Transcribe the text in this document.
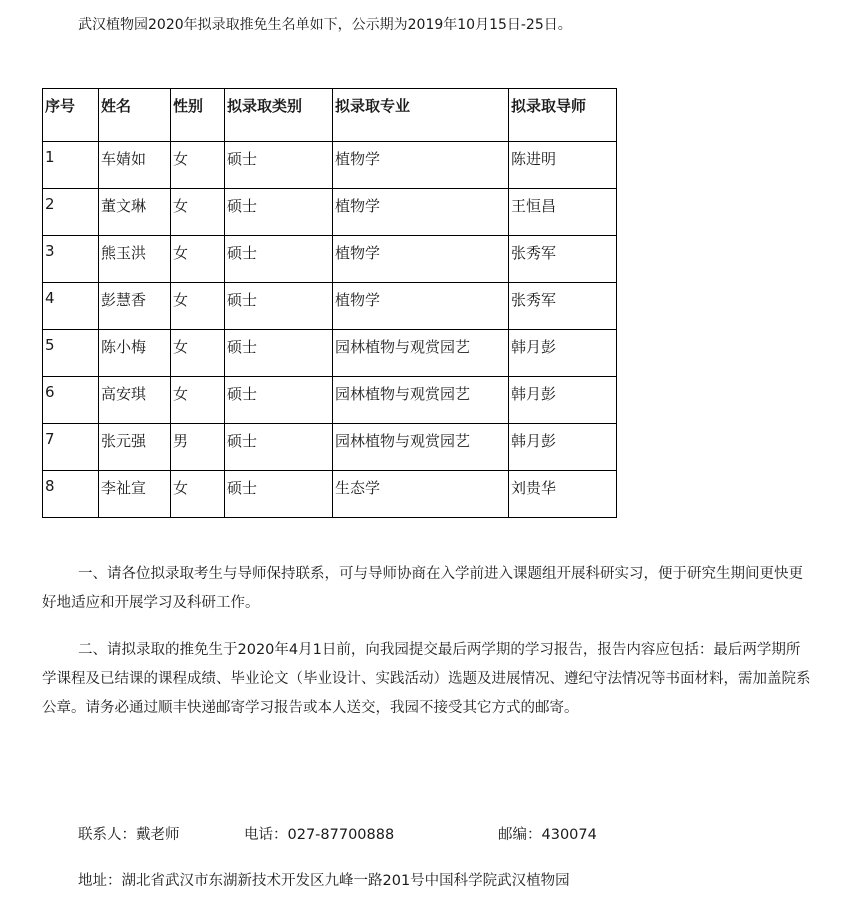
武汉植物园2020年拟录取推免生名单如下，公示期为2019年10月15日-25日。
序号	姓名	性别	拟录取类别	拟录取专业	拟录取导师
1	车婧如	女	硕士	植物学	陈进明
2	董文琳	女	硕士	植物学	王恒昌
3	熊玉洪	女	硕士	植物学	张秀军
4	彭慧香	女	硕士	植物学	张秀军
5	陈小梅	女	硕士	园林植物与观赏园艺	韩月彭
6	高安琪	女	硕士	园林植物与观赏园艺	韩月彭
7	张元强	男	硕士	园林植物与观赏园艺	韩月彭
8	李祉宣	女	硕士	生态学	刘贵华

一、请各位拟录取考生与导师保持联系，可与导师协商在入学前进入课题组开展科研实习，便于研究生期间更快更好地适应和开展学习及科研工作。

二、请拟录取的推免生于2020年4月1日前，向我园提交最后两学期的学习报告，报告内容应包括：最后两学期所学课程及已结课的课程成绩、毕业论文（毕业设计、实践活动）选题及进展情况、遵纪守法情况等书面材料，需加盖院系公章。请务必通过顺丰快递邮寄学习报告或本人送交，我园不接受其它方式的邮寄。

联系人：戴老师	电话：027-87700888	邮编：430074
地址：湖北省武汉市东湖新技术开发区九峰一路201号中国科学院武汉植物园
